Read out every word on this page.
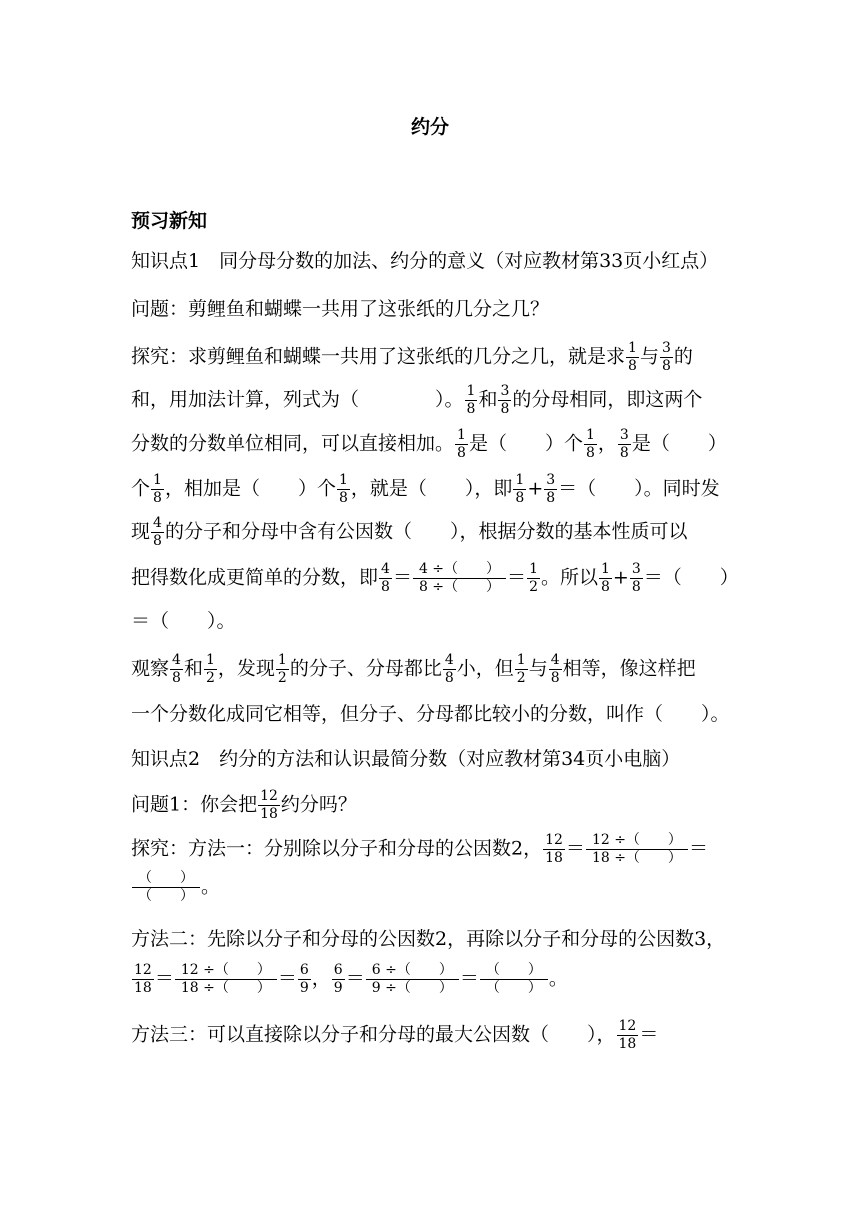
约分
预习新知
知识点1　同分母分数的加法、约分的意义（对应教材第33页小红点）
问题：剪鲤鱼和蝴蝶一共用了这张纸的几分之几？
探究：求剪鲤鱼和蝴蝶一共用了这张纸的几分之几，就是求 $\frac{1}{8}$ 与 $\frac{3}{8}$ 的
和，用加法计算，列式为（　　　　）。 $\frac{1}{8}$ 和 $\frac{3}{8}$ 的分母相同，即这两个
分数的分数单位相同，可以直接相加。 $\frac{1}{8}$ 是（　　）个 $\frac{1}{8}$ ， $\frac{3}{8}$ 是（　　）
个 $\frac{1}{8}$ ，相加是（　　）个 $\frac{1}{8}$ ，就是（　　），即 $\frac{1}{8} + \frac{3}{8}$ ＝（　　）。同时发
现 $\frac{4}{8}$ 的分子和分母中含有公因数（　　），根据分数的基本性质可以
把得数化成更简单的分数，即 $\frac{4}{8} = \frac{4 \div( )}{8 \div( )} = \frac{1}{2}$ 。所以 $\frac{1}{8} + \frac{3}{8}$ ＝（　　）
＝（　　）。
观察 $\frac{4}{8}$ 和 $\frac{1}{2}$ ，发现 $\frac{1}{2}$ 的分子、分母都比 $\frac{4}{8}$ 小，但 $\frac{1}{2}$ 与 $\frac{4}{8}$ 相等，像这样把
一个分数化成同它相等，但分子、分母都比较小的分数，叫作（　　）。
知识点2　约分的方法和认识最简分数（对应教材第34页小电脑）
问题1：你会把 $\frac{12}{18}$ 约分吗？
探究：方法一：分别除以分子和分母的公因数2， $\frac{12}{18} = \frac{12 \div( )}{18 \div( )}$ ＝
$\frac{( )}{( )}$ 。
方法二：先除以分子和分母的公因数2，再除以分子和分母的公因数3，
$\frac{12}{18} = \frac{12 \div( )}{18 \div( )} = \frac{6}{9}$ ， $\frac{6}{9} = \frac{6 \div( )}{9 \div( )} = \frac{( )}{( )}$ 。
方法三：可以直接除以分子和分母的最大公因数（　　）， $\frac{12}{18}$ ＝
